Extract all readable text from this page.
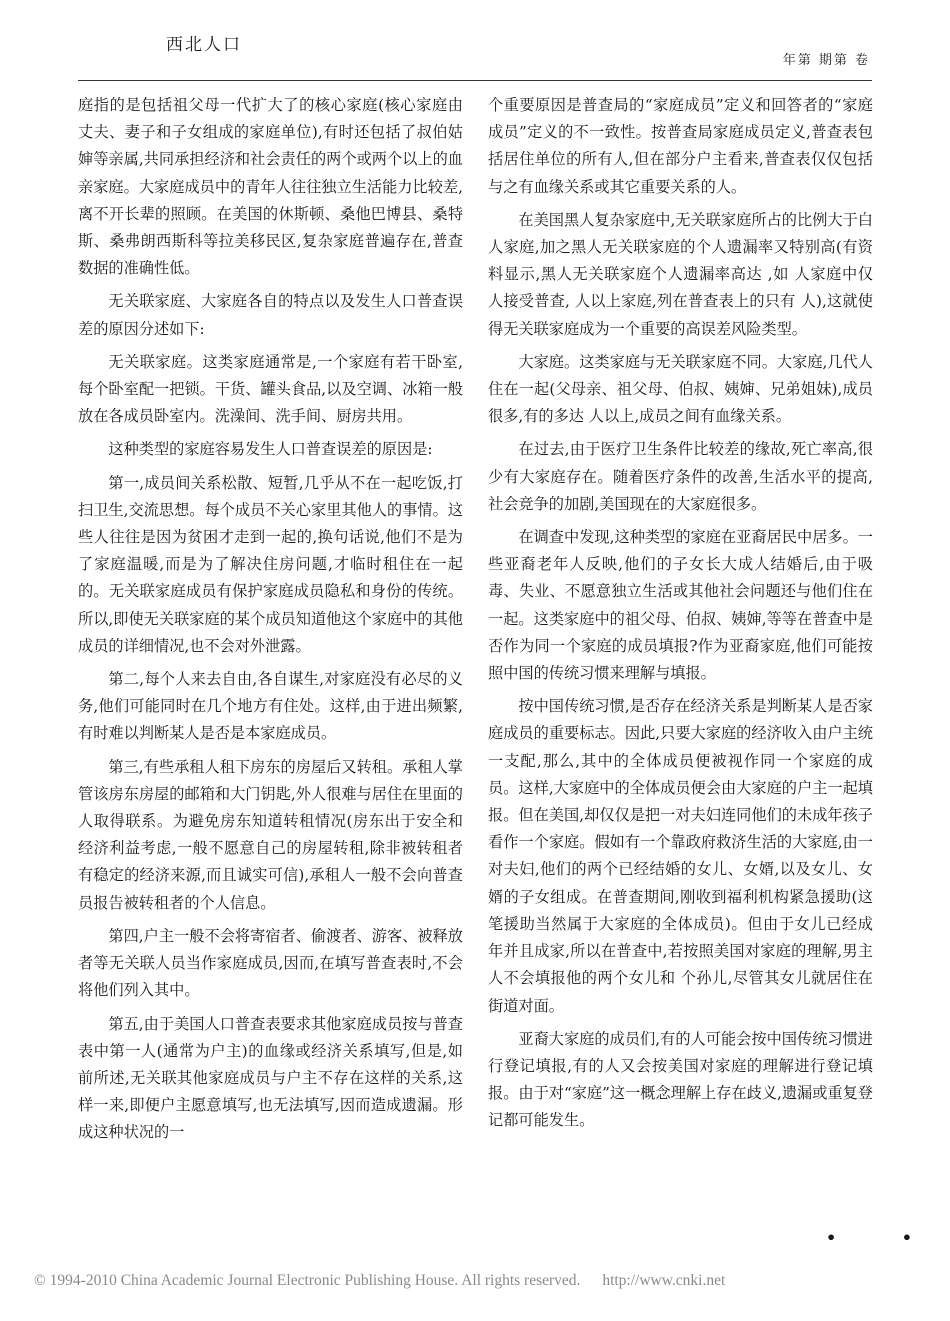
西北人口
年第 期第 卷

庭指的是包括祖父母一代扩大了的核心家庭(核心家庭由丈夫、妻子和子女组成的家庭单位),有时还包括了叔伯姑婶等亲属,共同承担经济和社会责任的两个或两个以上的血亲家庭。大家庭成员中的青年人往往独立生活能力比较差,离不开长辈的照顾。在美国的休斯顿、桑他巴博县、桑特斯、桑弗朗西斯科等拉美移民区,复杂家庭普遍存在,普查数据的准确性低。

无关联家庭、大家庭各自的特点以及发生人口普查误差的原因分述如下:

无关联家庭。这类家庭通常是,一个家庭有若干卧室,每个卧室配一把锁。干货、罐头食品,以及空调、冰箱一般放在各成员卧室内。洗澡间、洗手间、厨房共用。

这种类型的家庭容易发生人口普查误差的原因是:

第一,成员间关系松散、短暂,几乎从不在一起吃饭,打扫卫生,交流思想。每个成员不关心家里其他人的事情。这些人往往是因为贫困才走到一起的,换句话说,他们不是为了家庭温暖,而是为了解决住房问题,才临时租住在一起的。无关联家庭成员有保护家庭成员隐私和身份的传统。所以,即使无关联家庭的某个成员知道他这个家庭中的其他成员的详细情况,也不会对外泄露。

第二,每个人来去自由,各自谋生,对家庭没有必尽的义务,他们可能同时在几个地方有住处。这样,由于进出频繁,有时难以判断某人是否是本家庭成员。

第三,有些承租人租下房东的房屋后又转租。承租人掌管该房东房屋的邮箱和大门钥匙,外人很难与居住在里面的人取得联系。为避免房东知道转租情况(房东出于安全和经济利益考虑,一般不愿意自己的房屋转租,除非被转租者有稳定的经济来源,而且诚实可信),承租人一般不会向普查员报告被转租者的个人信息。

第四,户主一般不会将寄宿者、偷渡者、游客、被释放者等无关联人员当作家庭成员,因而,在填写普查表时,不会将他们列入其中。

第五,由于美国人口普查表要求其他家庭成员按与普查表中第一人(通常为户主)的血缘或经济关系填写,但是,如前所述,无关联其他家庭成员与户主不存在这样的关系,这样一来,即便户主愿意填写,也无法填写,因而造成遗漏。形成这种状况的一

个重要原因是普查局的“家庭成员”定义和回答者的“家庭成员”定义的不一致性。按普查局家庭成员定义,普查表包括居住单位的所有人,但在部分户主看来,普查表仅仅包括与之有血缘关系或其它重要关系的人。

在美国黑人复杂家庭中,无关联家庭所占的比例大于白人家庭,加之黑人无关联家庭的个人遗漏率又特别高(有资料显示,黑人无关联家庭个人遗漏率高达 ,如 人家庭中仅 人接受普查, 人以上家庭,列在普查表上的只有 人),这就使得无关联家庭成为一个重要的高误差风险类型。

大家庭。这类家庭与无关联家庭不同。大家庭,几代人住在一起(父母亲、祖父母、伯叔、姨婶、兄弟姐妹),成员很多,有的多达 人以上,成员之间有血缘关系。

在过去,由于医疗卫生条件比较差的缘故,死亡率高,很少有大家庭存在。随着医疗条件的改善,生活水平的提高,社会竞争的加剧,美国现在的大家庭很多。

在调查中发现,这种类型的家庭在亚裔居民中居多。一些亚裔老年人反映,他们的子女长大成人结婚后,由于吸毒、失业、不愿意独立生活或其他社会问题还与他们住在一起。这类家庭中的祖父母、伯叔、姨婶,等等在普查中是否作为同一个家庭的成员填报?作为亚裔家庭,他们可能按照中国的传统习惯来理解与填报。

按中国传统习惯,是否存在经济关系是判断某人是否家庭成员的重要标志。因此,只要大家庭的经济收入由户主统一支配,那么,其中的全体成员便被视作同一个家庭的成员。这样,大家庭中的全体成员便会由大家庭的户主一起填报。但在美国,却仅仅是把一对夫妇连同他们的未成年孩子看作一个家庭。假如有一个靠政府救济生活的大家庭,由一对夫妇,他们的两个已经结婚的女儿、女婿,以及女儿、女婿的子女组成。在普查期间,刚收到福利机构紧急援助(这笔援助当然属于大家庭的全体成员)。但由于女儿已经成年并且成家,所以在普查中,若按照美国对家庭的理解,男主人不会填报他的两个女儿和 个孙儿,尽管其女儿就居住在街道对面。

亚裔大家庭的成员们,有的人可能会按中国传统习惯进行登记填报,有的人又会按美国对家庭的理解进行登记填报。由于对“家庭”这一概念理解上存在歧义,遗漏或重复登记都可能发生。

• •
© 1994-2010 China Academic Journal Electronic Publishing House. All rights reserved. http://www.cnki.net
